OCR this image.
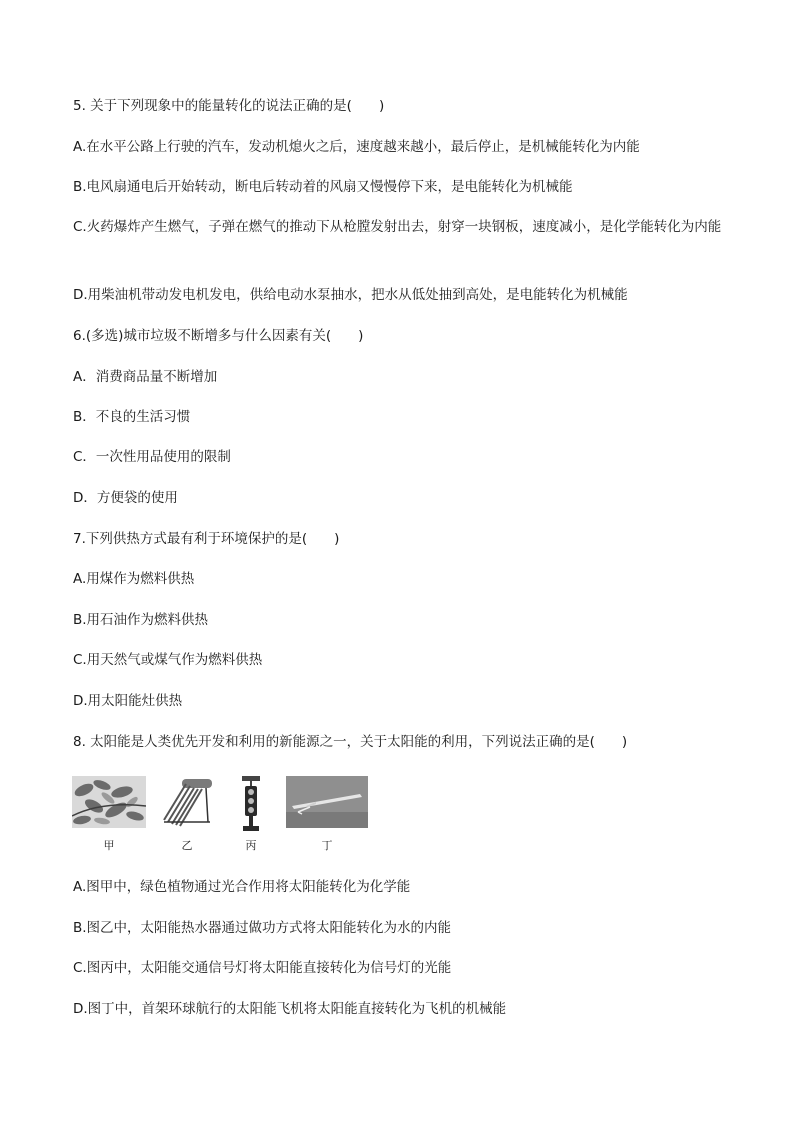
5. 关于下列现象中的能量转化的说法正确的是(　　)
A.在水平公路上行驶的汽车，发动机熄火之后，速度越来越小，最后停止，是机械能转化为内能
B.电风扇通电后开始转动，断电后转动着的风扇又慢慢停下来，是电能转化为机械能
C.火药爆炸产生燃气，子弹在燃气的推动下从枪膛发射出去，射穿一块钢板，速度减小，是化学能转化为内能
D.用柴油机带动发电机发电，供给电动水泵抽水，把水从低处抽到高处，是电能转化为机械能
6.(多选)城市垃圾不断增多与什么因素有关(　　)
A．消费商品量不断增加
B．不良的生活习惯
C．一次性用品使用的限制
D．方便袋的使用
7.下列供热方式最有利于环境保护的是(　　)
A.用煤作为燃料供热
B.用石油作为燃料供热
C.用天然气或煤气作为燃料供热
D.用太阳能灶供热
8. 太阳能是人类优先开发和利用的新能源之一，关于太阳能的利用，下列说法正确的是(　　)
甲	乙	丙	丁
A.图甲中，绿色植物通过光合作用将太阳能转化为化学能
B.图乙中，太阳能热水器通过做功方式将太阳能转化为水的内能
C.图丙中，太阳能交通信号灯将太阳能直接转化为信号灯的光能
D.图丁中，首架环球航行的太阳能飞机将太阳能直接转化为飞机的机械能
